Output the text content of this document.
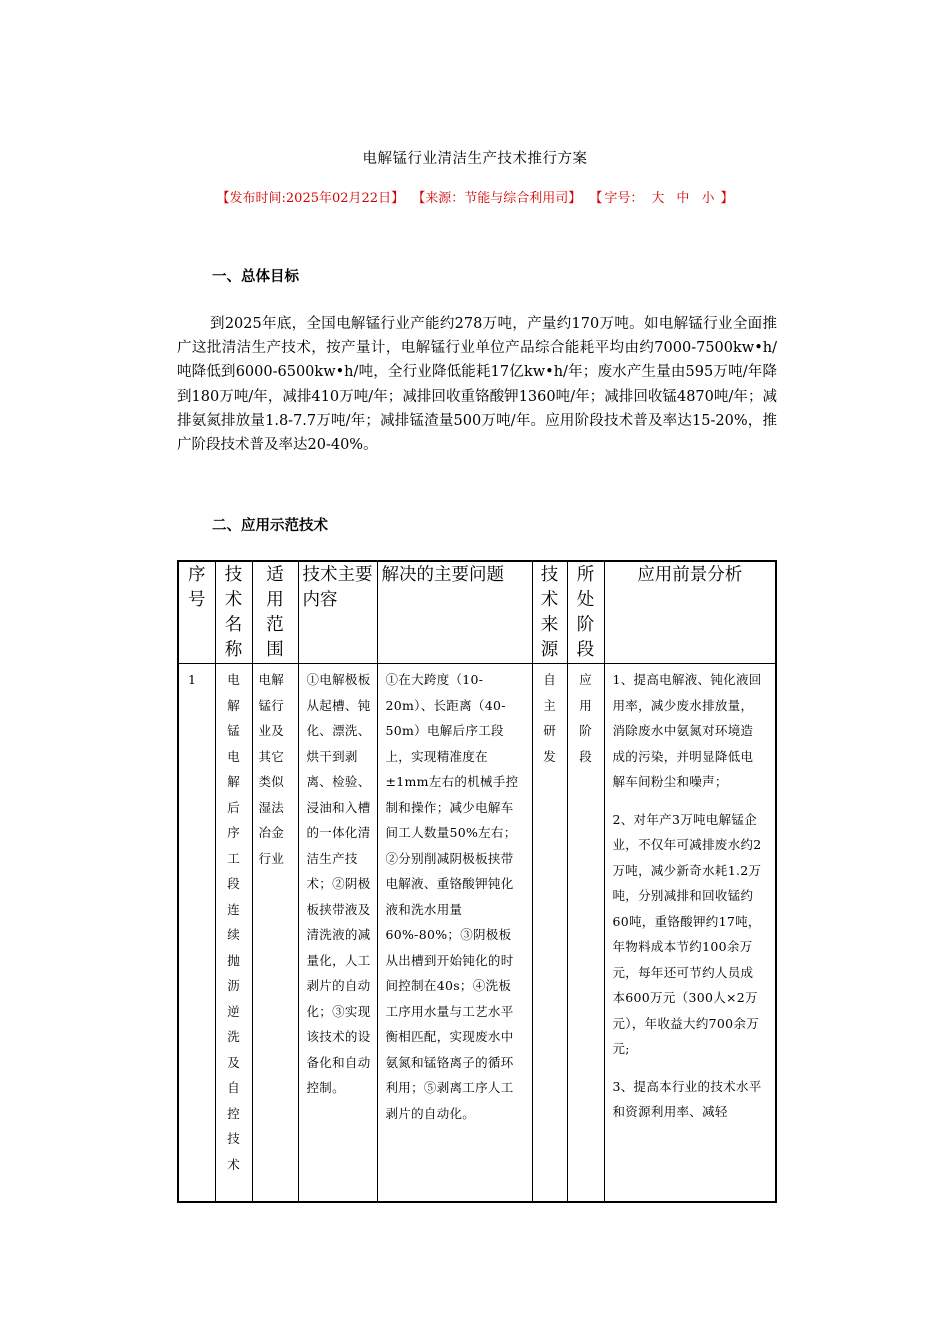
电解锰行业清洁生产技术推行方案
【发布时间:2025年02月22日】 【来源：节能与综合利用司】 【 字号： 大 中 小 】
一、总体目标
到2025年底，全国电解锰行业产能约278万吨，产量约170万吨。如电解锰行业全面推广这批清洁生产技术，按产量计，电解锰行业单位产品综合能耗平均由约7000-7500kw•h/吨降低到6000-6500kw•h/吨，全行业降低能耗17亿kw•h/年；废水产生量由595万吨/年降到180万吨/年，减排410万吨/年；减排回收重铬酸钾1360吨/年；减排回收锰4870吨/年；减排氨氮排放量1.8-7.7万吨/年；减排锰渣量500万吨/年。应用阶段技术普及率达15-20%，推广阶段技术普及率达20-40%。
二、应用示范技术
序号	技术名称	适用范围	技术主要内容	解决的主要问题	技术来源	所处阶段	应用前景分析

1	电解锰电解后序工段连续抛沥逆洗及自控技术	电解锰行业及其它类似湿法冶金行业	①电解极板从起槽、钝化、漂洗、烘干到剥离、检验、浸油和入槽的一体化清洁生产技术；②阴极板挟带液及清洗液的减量化，人工剥片的自动化；③实现该技术的设备化和自动控制。	①在大跨度（10-20m）、长距离（40-50m）电解后序工段上，实现精准度在±1mm左右的机械手控制和操作；减少电解车间工人数量50%左右；②分别削减阴极板挟带电解液、重铬酸钾钝化液和洗水用量60%-80%；③阴极板从出槽到开始钝化的时间控制在40s；④洗板工序用水量与工艺水平衡相匹配，实现废水中氨氮和锰铬离子的循环利用；⑤剥离工序人工剥片的自动化。	自主研发	应用阶段	1、提高电解液、钝化液回用率，减少废水排放量，消除废水中氨氮对环境造成的污染，并明显降低电解车间粉尘和噪声；
2、对年产3万吨电解锰企业，不仅年可减排废水约2万吨，减少新奇水耗1.2万吨，分别减排和回收锰约60吨，重铬酸钾约17吨，年物料成本节约100余万元，每年还可节约人员成本600万元（300人×2万元），年收益大约700余万元;
3、提高本行业的技术水平和资源利用率、减轻
